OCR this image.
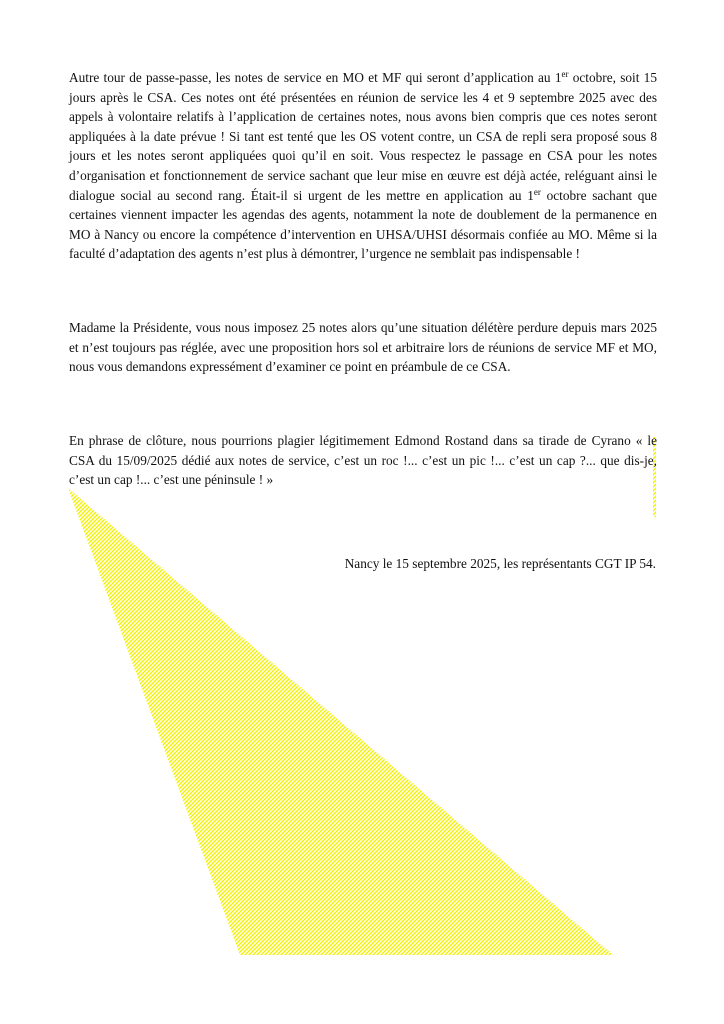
Autre tour de passe-passe, les notes de service en MO et MF qui seront d’application au 1er octobre, soit 15 jours après le CSA. Ces notes ont été présentées en réunion de service les 4 et 9 septembre 2025 avec des appels à volontaire relatifs à l’application de certaines notes, nous avons bien compris que ces notes seront appliquées à la date prévue ! Si tant est tenté que les OS votent contre, un CSA de repli sera proposé sous 8 jours et les notes seront appliquées quoi qu’il en soit. Vous respectez le passage en CSA pour les notes d’organisation et fonctionnement de service sachant que leur mise en œuvre est déjà actée, reléguant ainsi le dialogue social au second rang. Était-il si urgent de les mettre en application au 1er octobre sachant que certaines viennent impacter les agendas des agents, notamment la note de doublement de la permanence en MO à Nancy ou encore la compétence d’intervention en UHSA/UHSI désormais confiée au MO. Même si la faculté d’adaptation des agents n’est plus à démontrer, l’urgence ne semblait pas indispensable !

Madame la Présidente, vous nous imposez 25 notes alors qu’une situation délétère perdure depuis mars 2025 et n’est toujours pas réglée, avec une proposition hors sol et arbitraire lors de réunions de service MF et MO, nous vous demandons expressément d’examiner ce point en préambule de ce CSA.

En phrase de clôture, nous pourrions plagier légitimement Edmond Rostand dans sa tirade de Cyrano « le CSA du 15/09/2025 dédié aux notes de service, c’est un roc !... c’est un pic !... c’est un cap ?... que dis-je, c’est un cap !... c’est une péninsule ! »

Nancy le 15 septembre 2025, les représentants CGT IP 54.
